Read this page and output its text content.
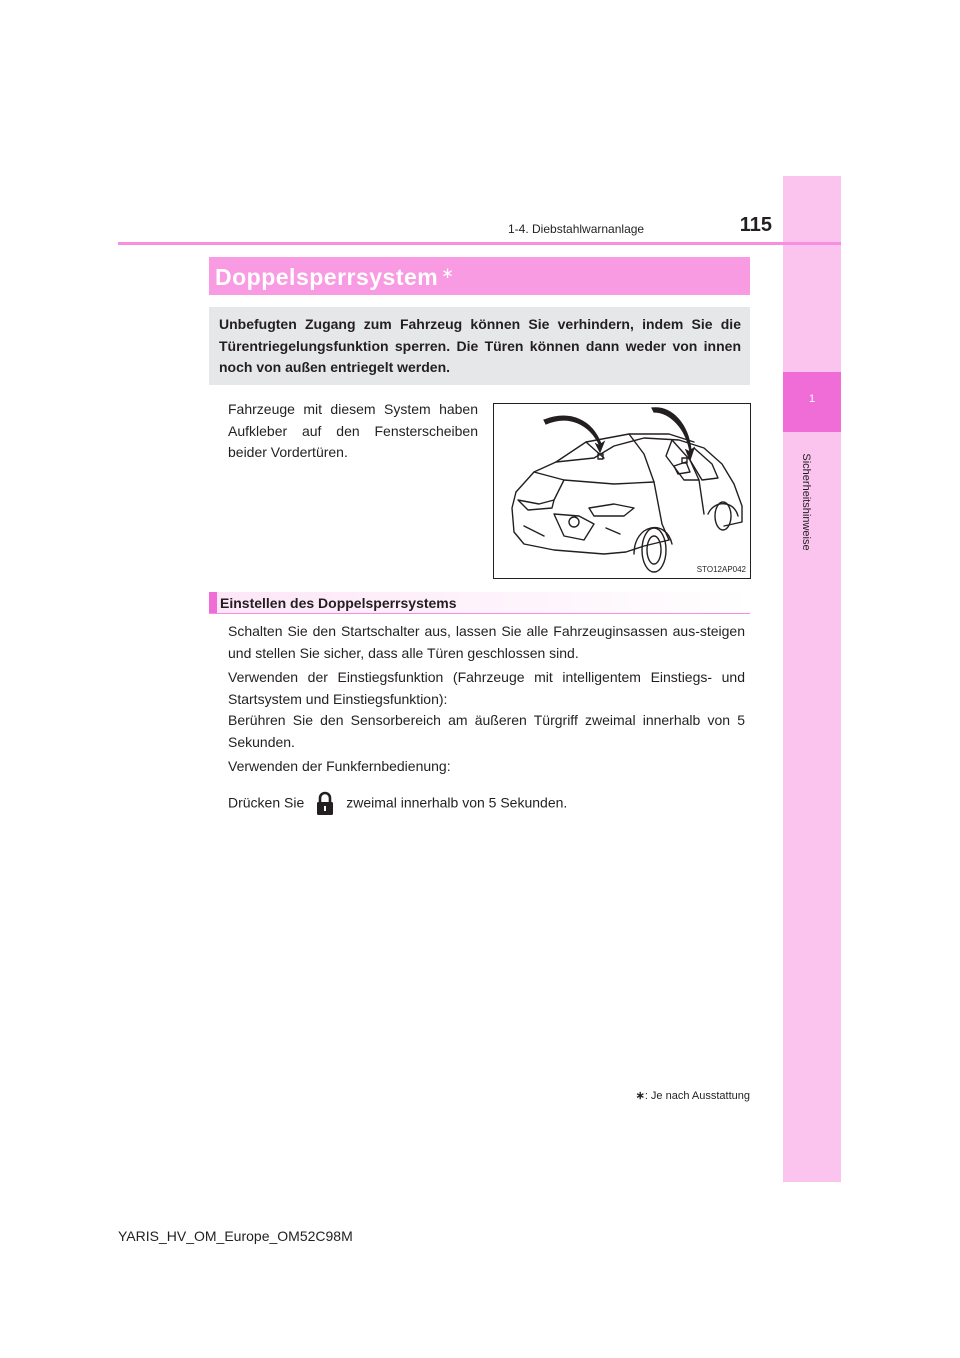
1
Sicherheitshinweise
1-4. Diebstahlwarnanlage	115
Doppelsperrsystem ∗
Unbefugten Zugang zum Fahrzeug können Sie verhindern, indem Sie die Türentriegelungsfunktion sperren. Die Türen können dann weder von innen noch von außen entriegelt werden.
Fahrzeuge mit diesem System haben Aufkleber auf den Fensterscheiben beider Vordertüren.
STO12AP042
Einstellen des Doppelsperrsystems
Schalten Sie den Startschalter aus, lassen Sie alle Fahrzeuginsassen aus-steigen und stellen Sie sicher, dass alle Türen geschlossen sind.
Verwenden der Einstiegsfunktion (Fahrzeuge mit intelligentem Einstiegs- und Startsystem und Einstiegsfunktion):
Berühren Sie den Sensorbereich am äußeren Türgriff zweimal innerhalb von 5 Sekunden.
Verwenden der Funkfernbedienung:
Drücken Sie	zweimal innerhalb von 5 Sekunden.
∗: Je nach Ausstattung
YARIS_HV_OM_Europe_OM52C98M
